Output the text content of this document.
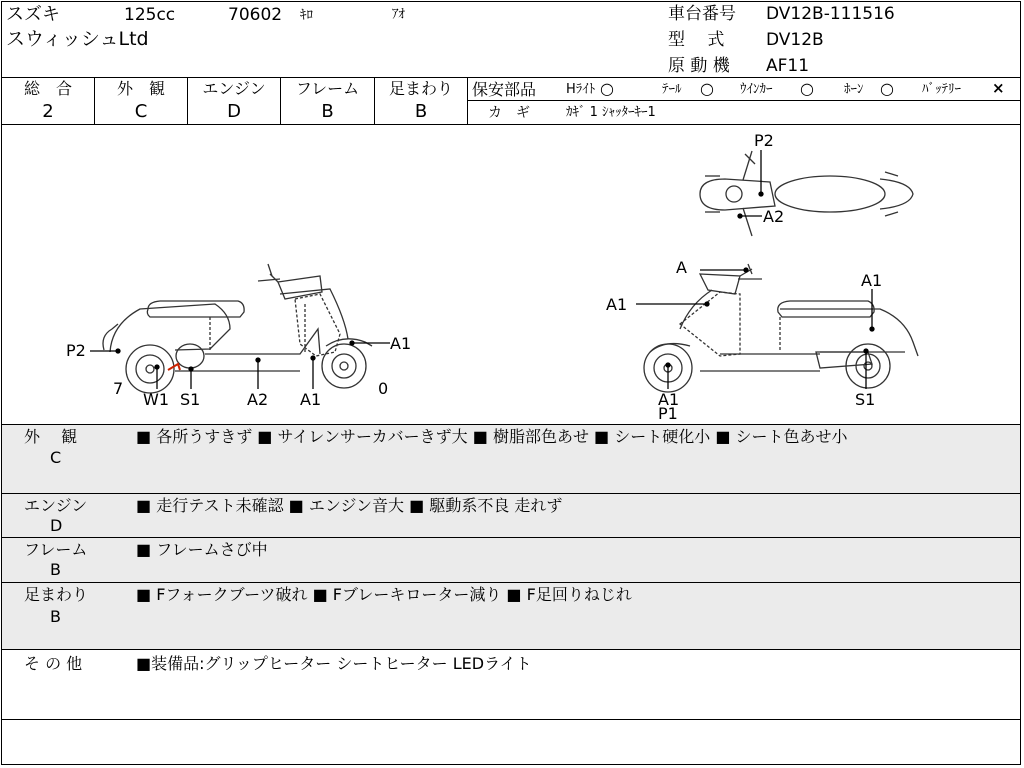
スズキ	125cc	70602 ｷﾛ	ｱｵ
スウィッシュLtd
車台番号 DV12B-111516
型　 式 DV12B
原 動 機 AF11
総　合
2
外　観
C
エンジン
D
フレーム
B
足まわり
B
保安部品 Hﾗｲﾄ ○	ﾃｰﾙ ○ ｳｲﾝｶｰ ○ ﾎｰﾝ ○ ﾊﾞｯﾃﾘｰ ×
カ　ギ	ｶｷﾞ 1 ｼｬｯﾀｰｷｰ1
P2	A1
7	0
W1 S1	A2 A1
P2
A2
A
A1
A1
A1
P1
S1
外　 観
C
■ 各所うすきず ■ サイレンサーカバーきず大 ■ 樹脂部色あせ ■ シート硬化小 ■ シート色あせ小
エンジン
D
■ 走行テスト未確認 ■ エンジン音大 ■ 駆動系不良 走れず
フレーム
B
■ フレームさび中
足まわり
B
■ Fフォークブーツ破れ ■ Fブレーキローター減り ■ F足回りねじれ
そ の 他	■装備品:グリップヒーター シートヒーター LEDライト
